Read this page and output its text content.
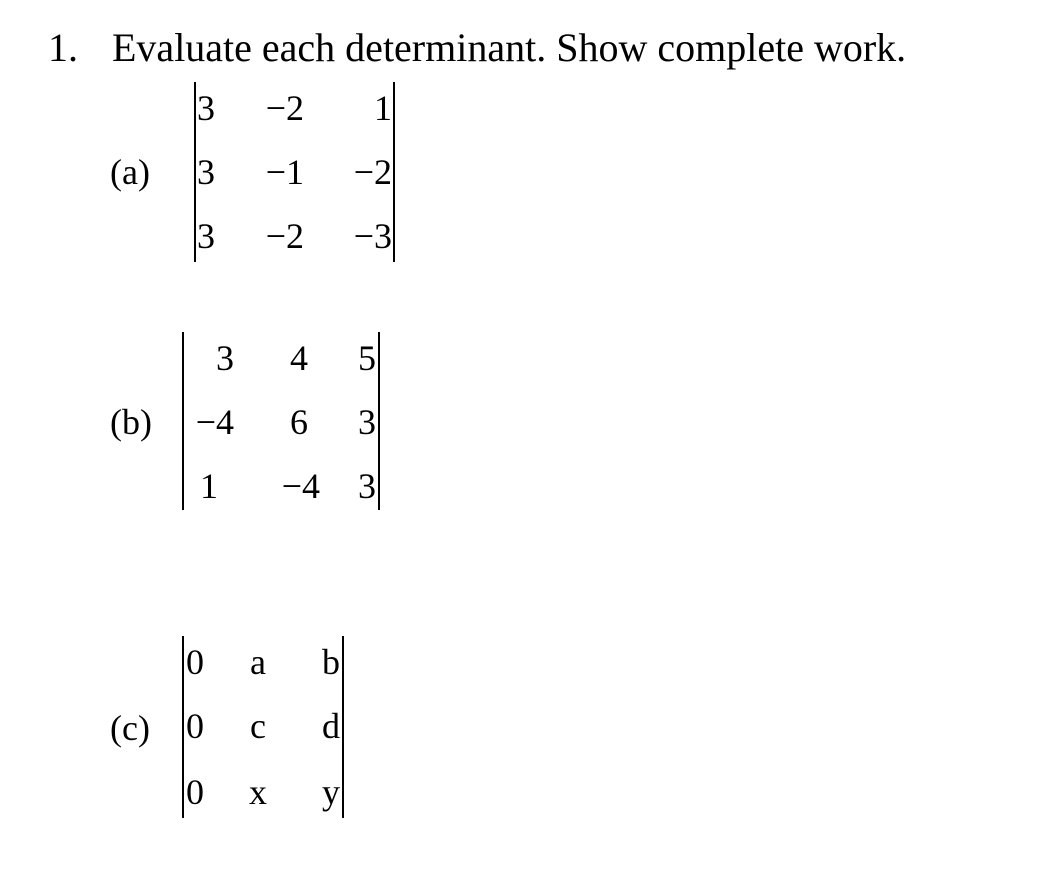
1. Evaluate each determinant. Show complete work.
(a)
3	−2	1
3	−1	−2
3	−2	−3
(b)
3	4	5
−4	6	3
1	−4	3
(c)
0	a	b
0	c	d
0	x	y
